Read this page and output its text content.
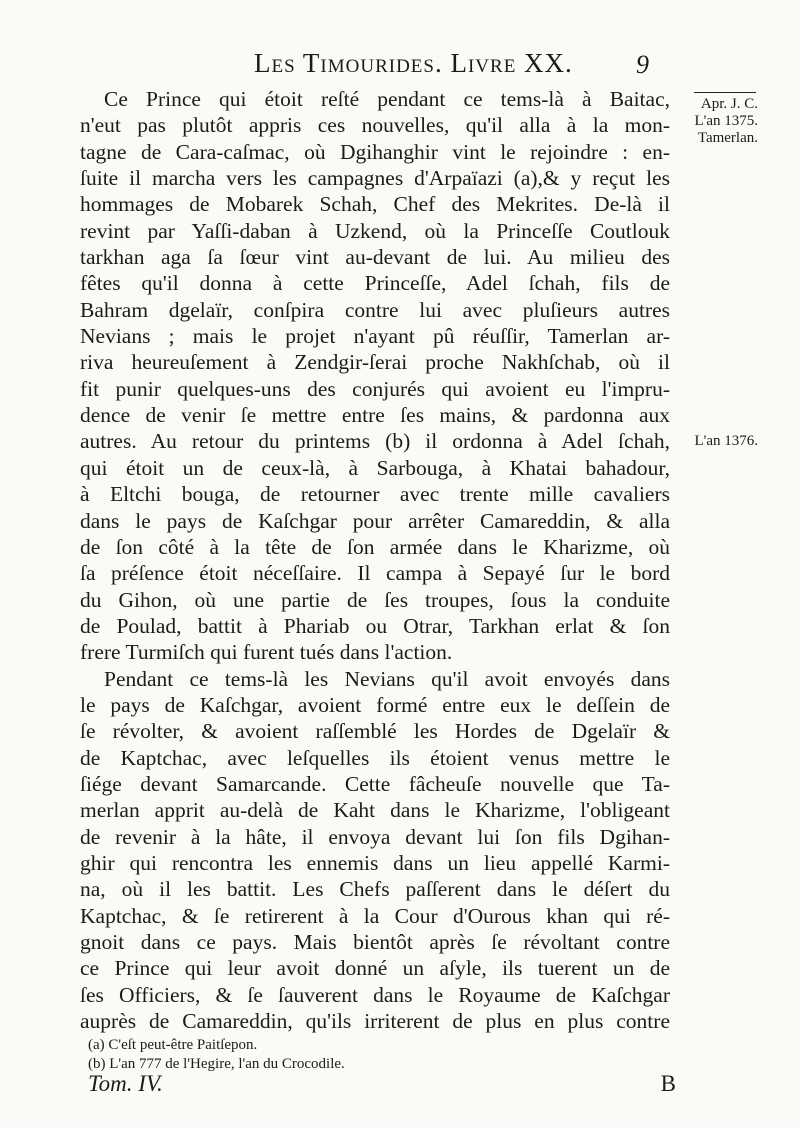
Les Timourides. Livre XX. 9
Apr. J. C.
L'an 1375.
Tamerlan.
L'an 1376.
Ce Prince qui étoit reſté pendant ce tems-là à Baitac,
n'eut pas plutôt appris ces nouvelles, qu'il alla à la mon-
tagne de Cara-caſmac, où Dgihanghir vint le rejoindre : en-
ſuite il marcha vers les campagnes d'Arpaïazi (a),& y reçut les
hommages de Mobarek Schah, Chef des Mekrites. De-là il
revint par Yaſſi-daban à Uzkend, où la Princeſſe Coutlouk
tarkhan aga ſa ſœur vint au-devant de lui. Au milieu des
fêtes qu'il donna à cette Princeſſe, Adel ſchah, fils de
Bahram dgelaïr, conſpira contre lui avec pluſieurs autres
Nevians ; mais le projet n'ayant pû réuſſir, Tamerlan ar-
riva heureuſement à Zendgir-ſerai proche Nakhſchab, où il
fit punir quelques-uns des conjurés qui avoient eu l'impru-
dence de venir ſe mettre entre ſes mains, & pardonna aux
autres. Au retour du printems (b) il ordonna à Adel ſchah,
qui étoit un de ceux-là, à Sarbouga, à Khatai bahadour,
à Eltchi bouga, de retourner avec trente mille cavaliers
dans le pays de Kaſchgar pour arrêter Camareddin, & alla
de ſon côté à la tête de ſon armée dans le Kharizme, où
ſa préſence étoit néceſſaire. Il campa à Sepayé ſur le bord
du Gihon, où une partie de ſes troupes, ſous la conduite
de Poulad, battit à Phariab ou Otrar, Tarkhan erlat & ſon
frere Turmiſch qui furent tués dans l'action.
Pendant ce tems-là les Nevians qu'il avoit envoyés dans
le pays de Kaſchgar, avoient formé entre eux le deſſein de
ſe révolter, & avoient raſſemblé les Hordes de Dgelaïr &
de Kaptchac, avec leſquelles ils étoient venus mettre le
ſiége devant Samarcande. Cette fâcheuſe nouvelle que Ta-
merlan apprit au-delà de Kaht dans le Kharizme, l'obligeant
de revenir à la hâte, il envoya devant lui ſon fils Dgihan-
ghir qui rencontra les ennemis dans un lieu appellé Karmi-
na, où il les battit. Les Chefs paſſerent dans le déſert du
Kaptchac, & ſe retirerent à la Cour d'Ourous khan qui ré-
gnoit dans ce pays. Mais bientôt après ſe révoltant contre
ce Prince qui leur avoit donné un aſyle, ils tuerent un de
ſes Officiers, & ſe ſauverent dans le Royaume de Kaſchgar
auprès de Camareddin, qu'ils irriterent de plus en plus contre
(a) C'eſt peut-être Paitſepon.
(b) L'an 777 de l'Hegire, l'an du Crocodile.
Tom. IV.	B
